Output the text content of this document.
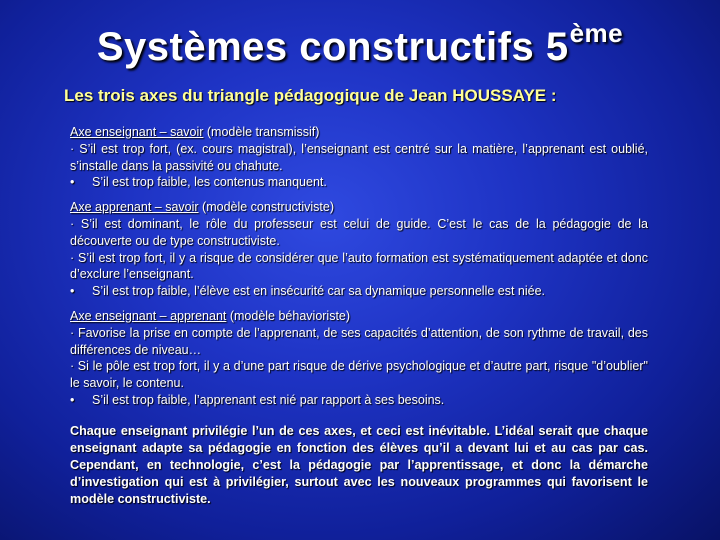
Systèmes constructifs 5ème
Les trois axes du triangle pédagogique de Jean HOUSSAYE :

Axe enseignant – savoir (modèle transmissif)

· S’il est trop fort, (ex. cours magistral), l’enseignant est centré sur la matière, l’apprenant est oublié, s’installe dans la passivité ou chahute.

• S’il est trop faible, les contenus manquent.

Axe apprenant – savoir (modèle constructiviste)

· S’il est dominant, le rôle du professeur est celui de guide. C’est le cas de la pédagogie de la découverte ou de type constructiviste.

· S’il est trop fort, il y a risque de considérer que l’auto formation est systématiquement adaptée et donc d’exclure l’enseignant.

• S’il est trop faible, l’élève est en insécurité car sa dynamique personnelle est niée.

Axe enseignant – apprenant (modèle béhavioriste)

· Favorise la prise en compte de l’apprenant, de ses capacités d’attention, de son rythme de travail, des différences de niveau…

· Si le pôle est trop fort, il y a d’une part risque de dérive psychologique et d’autre part, risque "d’oublier" le savoir, le contenu.

• S’il est trop faible, l’apprenant est nié par rapport à ses besoins.

Chaque enseignant privilégie l’un de ces axes, et ceci est inévitable. L’idéal serait que chaque enseignant adapte sa pédagogie en fonction des élèves qu’il a devant lui et au cas par cas. Cependant, en technologie, c’est la pédagogie par l’apprentissage, et donc la démarche d’investigation qui est à privilégier, surtout avec les nouveaux programmes qui favorisent le modèle constructiviste.
